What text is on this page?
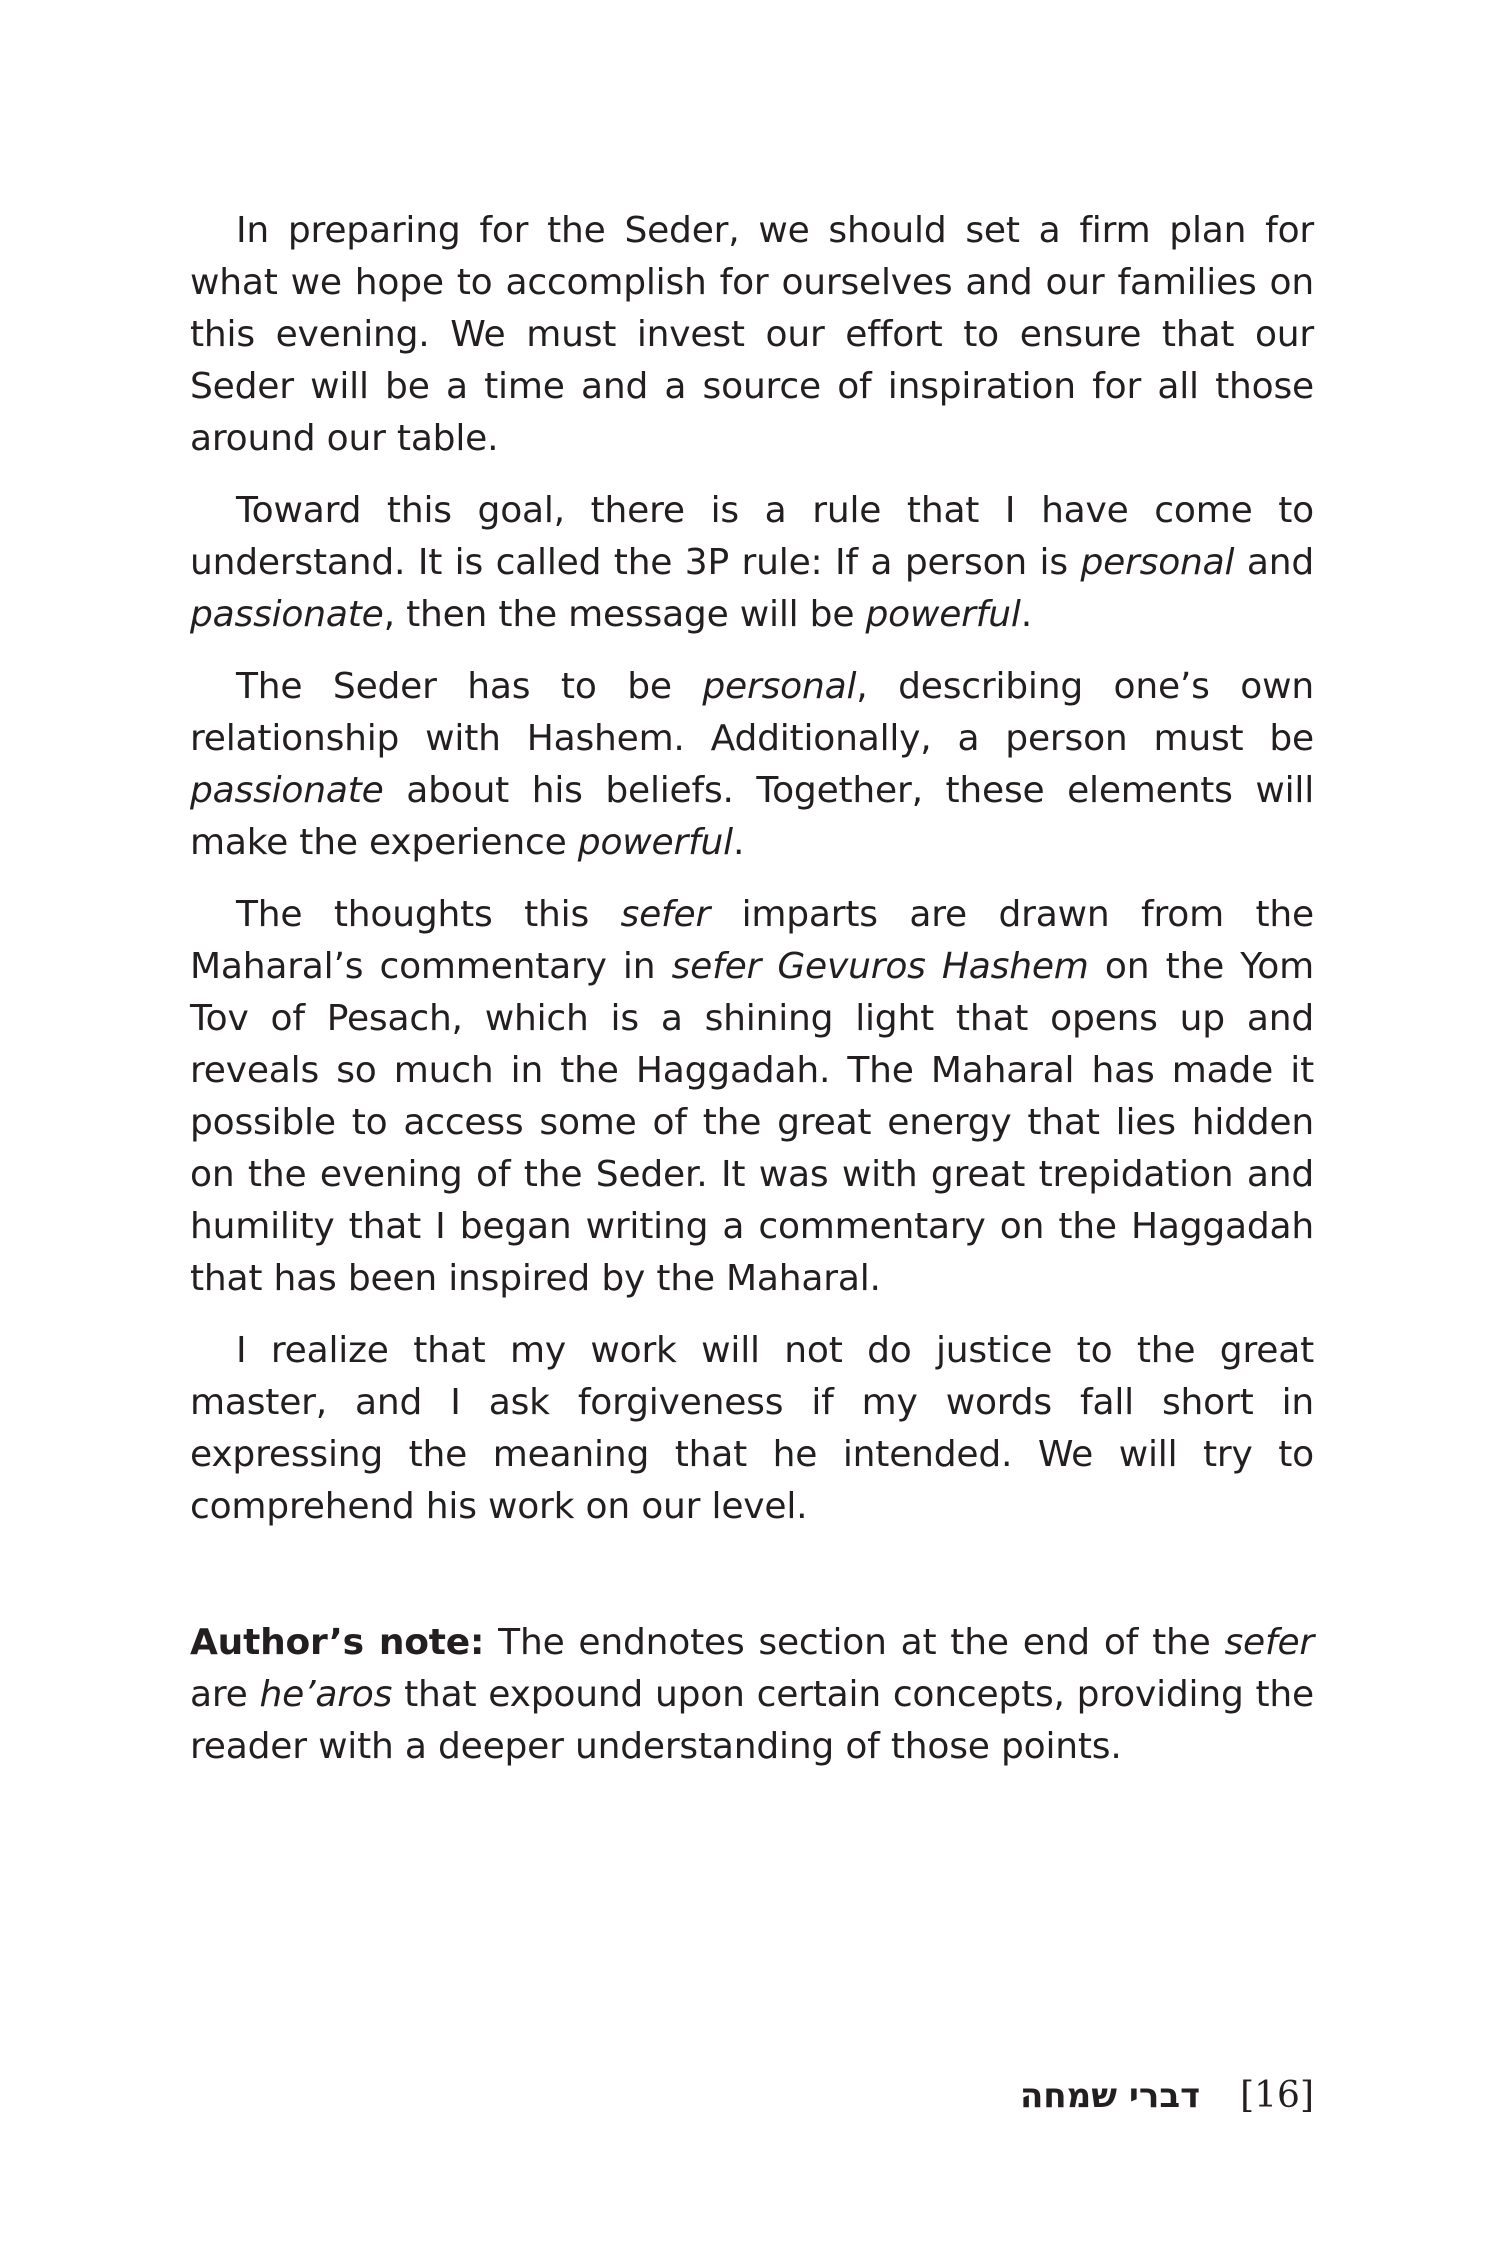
In preparing for the Seder, we should set a firm plan for what we hope to accomplish for ourselves and our families on this evening. We must invest our effort to ensure that our Seder will be a time and a source of inspiration for all those around our table.

Toward this goal, there is a rule that I have come to understand. It is called the 3P rule: If a person is personal and passionate, then the message will be powerful.

The Seder has to be personal, describing one’s own relationship with Hashem. Additionally, a person must be passionate about his beliefs. Together, these elements will make the experience powerful.

The thoughts this sefer imparts are drawn from the Maharal’s commentary in sefer Gevuros Hashem on the Yom Tov of Pesach, which is a shining light that opens up and reveals so much in the Haggadah. The Maharal has made it possible to access some of the great energy that lies hidden on the evening of the Seder. It was with great trepidation and humility that I began writing a commentary on the Haggadah that has been inspired by the Maharal.

I realize that my work will not do justice to the great master, and I ask forgiveness if my words fall short in expressing the meaning that he intended. We will try to comprehend his work on our level.

Author’s note: The endnotes section at the end of the sefer are he’aros that expound upon certain concepts, providing the reader with a deeper understanding of those points.

דברי שמחה [16]
